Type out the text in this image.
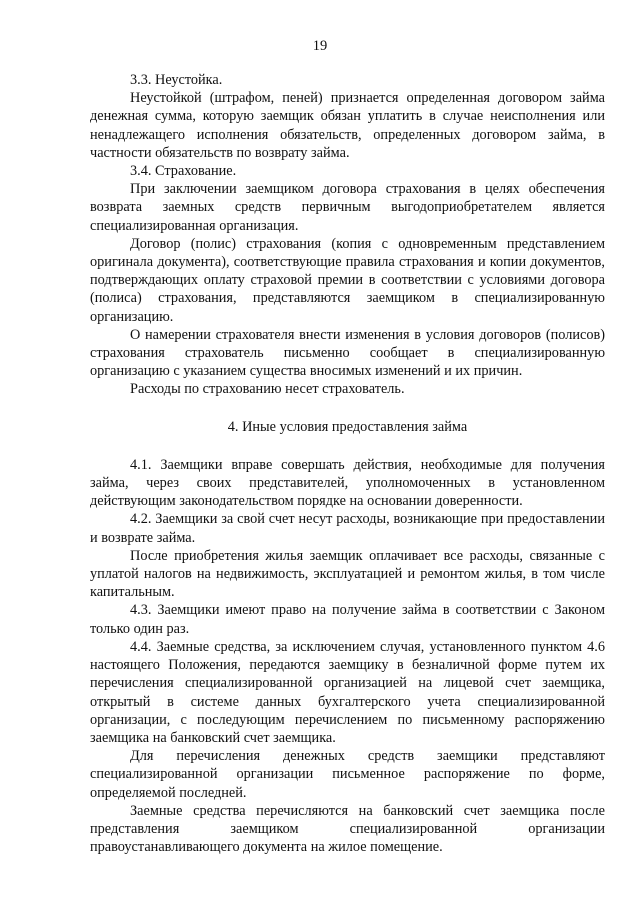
19

3.3. Неустойка.

Неустойкой (штрафом, пеней) признается определенная договором займа денежная сумма, которую заемщик обязан уплатить в случае неисполнения или ненадлежащего исполнения обязательств, определенных договором займа, в частности обязательств по возврату займа.

3.4. Страхование.

При заключении заемщиком договора страхования в целях обеспечения возврата заемных средств первичным выгодоприобретателем является специализированная организация.

Договор (полис) страхования (копия с одновременным представлением оригинала документа), соответствующие правила страхования и копии документов, подтверждающих оплату страховой премии в соответствии с условиями договора (полиса) страхования, представляются заемщиком в специализированную организацию.

О намерении страхователя внести изменения в условия договоров (полисов) страхования страхователь письменно сообщает в специализированную организацию с указанием существа вносимых изменений и их причин.

Расходы по страхованию несет страхователь.

4. Иные условия предоставления займа

4.1. Заемщики вправе совершать действия, необходимые для получения займа, через своих представителей, уполномоченных в установленном действующим законодательством порядке на основании доверенности.

4.2. Заемщики за свой счет несут расходы, возникающие при предоставлении и возврате займа.

После приобретения жилья заемщик оплачивает все расходы, связанные с уплатой налогов на недвижимость, эксплуатацией и ремонтом жилья, в том числе капитальным.

4.3. Заемщики имеют право на получение займа в соответствии с Законом только один раз.

4.4. Заемные средства, за исключением случая, установленного пунктом 4.6 настоящего Положения, передаются заемщику в безналичной форме путем их перечисления специализированной организацией на лицевой счет заемщика, открытый в системе данных бухгалтерского учета специализированной организации, с последующим перечислением по письменному распоряжению заемщика на банковский счет заемщика.

Для перечисления денежных средств заемщики представляют специализированной организации письменное распоряжение по форме, определяемой последней.

Заемные средства перечисляются на банковский счет заемщика после представления заемщиком специализированной организации правоустанавливающего документа на жилое помещение.
